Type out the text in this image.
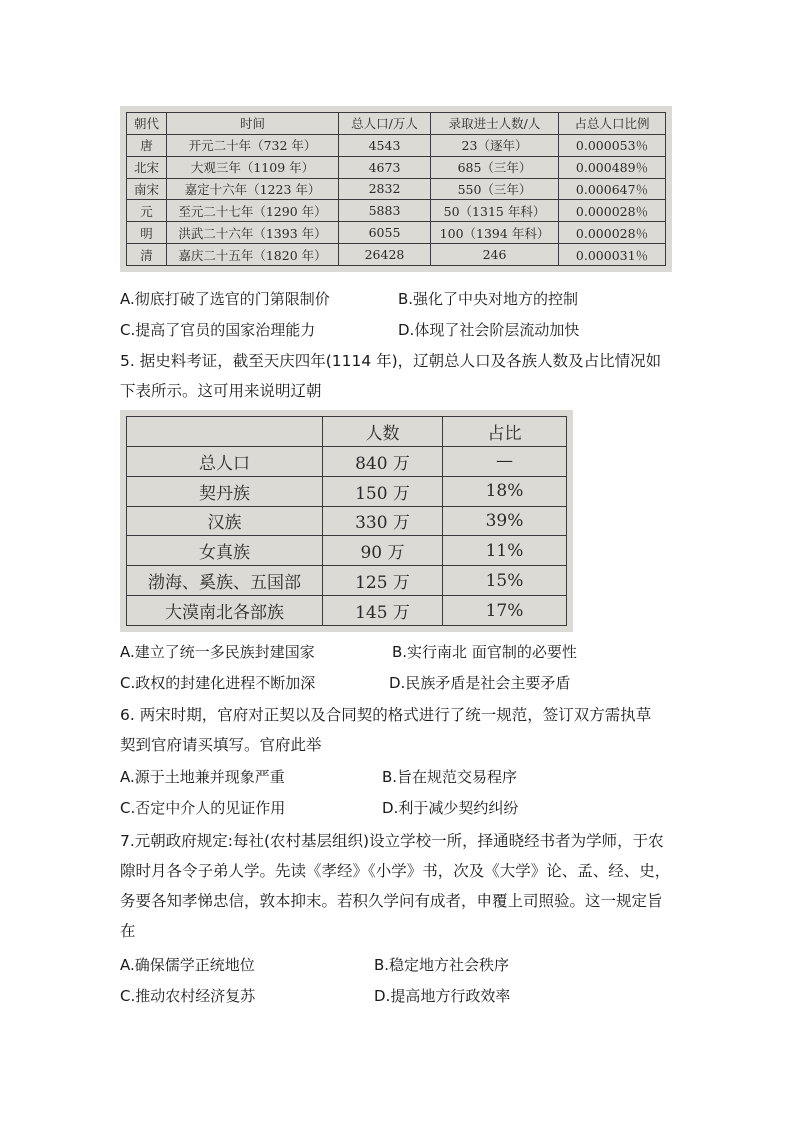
朝代	时间	总人口/万人	录取进士人数/人	占总人口比例
唐	开元二十年（732 年）	4543	23（逐年）	0.000053％
北宋	大观三年（1109 年）	4673	685（三年）	0.000489％
南宋	嘉定十六年（1223 年）	2832	550（三年）	0.000647％
元	至元二十七年（1290 年）	5883	50（1315 年科）	0.000028％
明	洪武二十六年（1393 年）	6055	100（1394 年科）	0.000028％
清	嘉庆二十五年（1820 年）	26428	246	0.000031％
A.彻底打破了选官的门第限制价	B.强化了中央对地方的控制
C.提高了官员的国家治理能力	D.体现了社会阶层流动加快
5. 据史料考证，截至天庆四年(1114 年)，辽朝总人口及各族人数及占比情况如
下表所示。这可用来说明辽朝
	人数	占比
总人口	840 万	—
契丹族	150 万	18%
汉族	330 万	39%
女真族	90 万	11%
渤海、奚族、五国部	125 万	15%
大漠南北各部族	145 万	17%
A.建立了统一多民族封建国家	B.实行南北 面官制的必要性
C.政权的封建化进程不断加深	D.民族矛盾是社会主要矛盾
6. 两宋时期，官府对正契以及合同契的格式进行了统一规范，签订双方需执草
契到官府请买填写。官府此举
A.源于土地兼并现象严重	B.旨在规范交易程序
C.否定中介人的见证作用	D.利于减少契约纠纷
7.元朝政府规定:每社(农村基层组织)设立学校一所，择通晓经书者为学师，于农
隙时月各令子弟人学。先读《孝经》《小学》书，次及《大学》论、孟、经、史，
务要各知孝悌忠信，敦本抑末。若积久学问有成者，申覆上司照验。这一规定旨
在
A.确保儒学正统地位	B.稳定地方社会秩序
C.推动农村经济复苏	D.提高地方行政效率
